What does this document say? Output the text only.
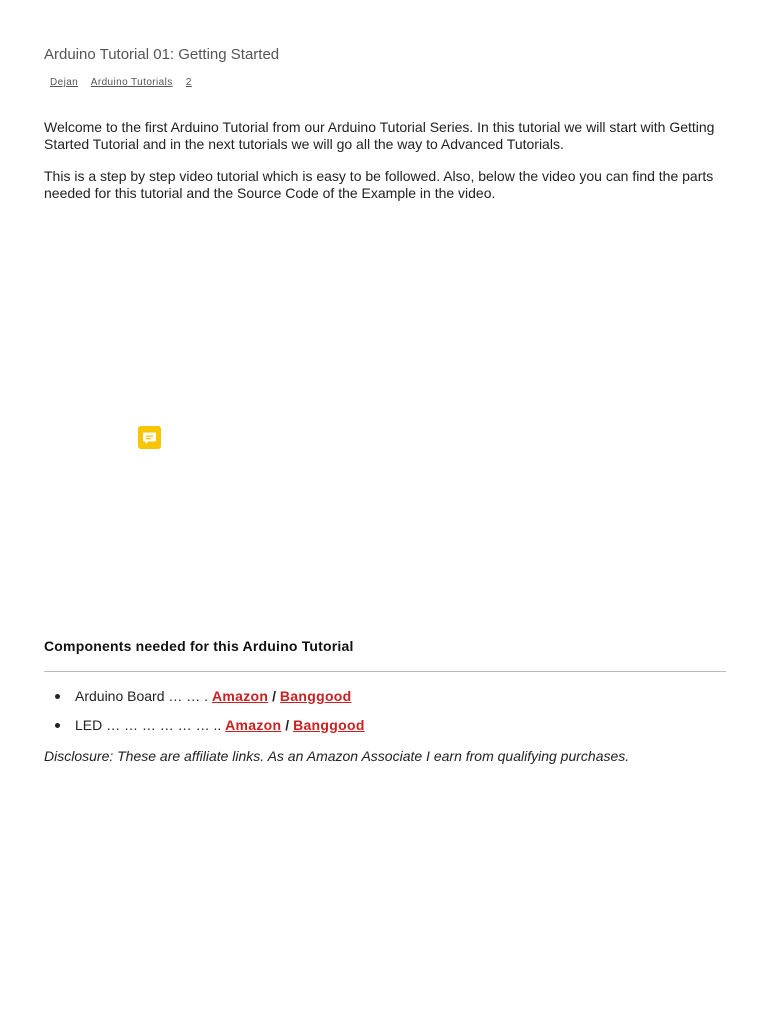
Arduino Tutorial 01: Getting Started
Dejan Arduino Tutorials 2

Welcome to the first Arduino Tutorial from our Arduino Tutorial Series. In this tutorial we will start with Getting Started Tutorial and in the next tutorials we will go all the way to Advanced Tutorials.

This is a step by step video tutorial which is easy to be followed. Also, below the video you can find the parts needed for this tutorial and the Source Code of the Example in the video.

Components needed for this Arduino Tutorial
Arduino Board … … . Amazon / Banggood
LED … … … … … … .. Amazon / Banggood

Disclosure: These are affiliate links. As an Amazon Associate I earn from qualifying purchases.
